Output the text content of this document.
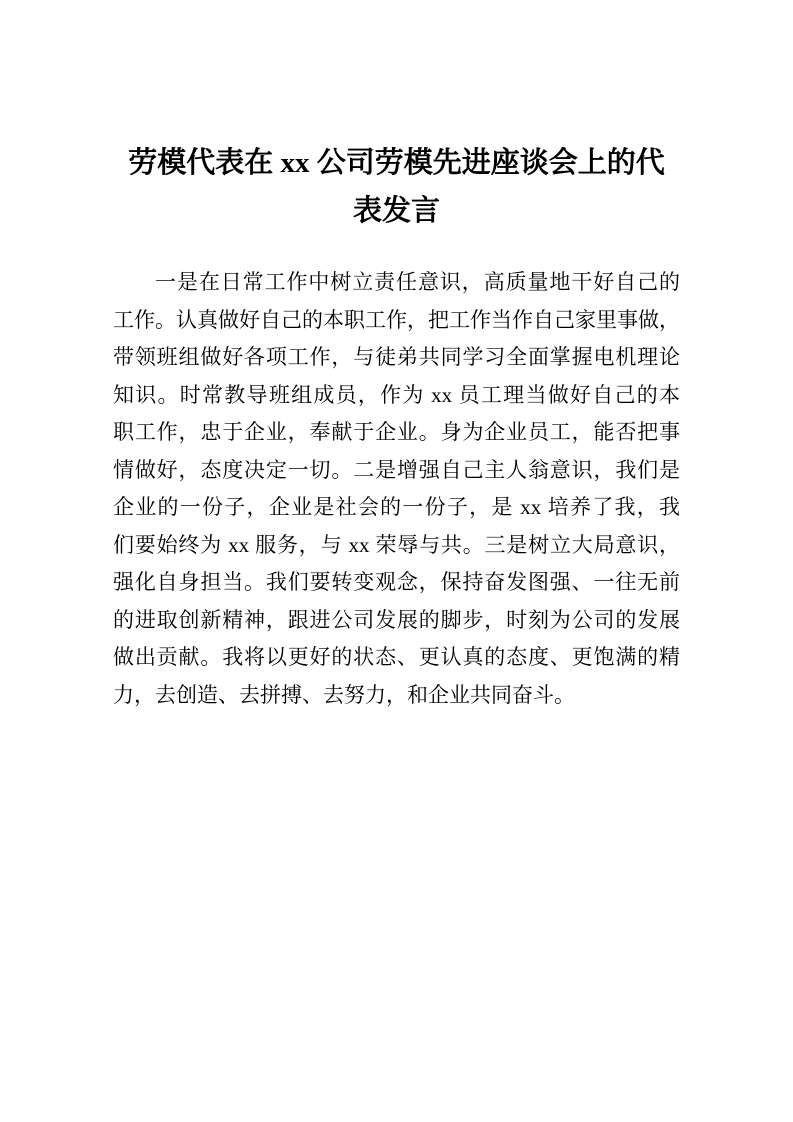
劳模代表在 xx 公司劳模先进座谈会上的代
表发言
一是在日常工作中树立责任意识，高质量地干好自己的
工作。认真做好自己的本职工作，把工作当作自己家里事做，
带领班组做好各项工作，与徒弟共同学习全面掌握电机理论
知识。时常教导班组成员，作为 xx 员工理当做好自己的本
职工作，忠于企业，奉献于企业。身为企业员工，能否把事
情做好，态度决定一切。二是增强自己主人翁意识，我们是
企业的一份子，企业是社会的一份子，是 xx 培养了我，我
们要始终为 xx 服务，与 xx 荣辱与共。三是树立大局意识，
强化自身担当。我们要转变观念，保持奋发图强、一往无前
的进取创新精神，跟进公司发展的脚步，时刻为公司的发展
做出贡献。我将以更好的状态、更认真的态度、更饱满的精
力，去创造、去拼搏、去努力，和企业共同奋斗。
